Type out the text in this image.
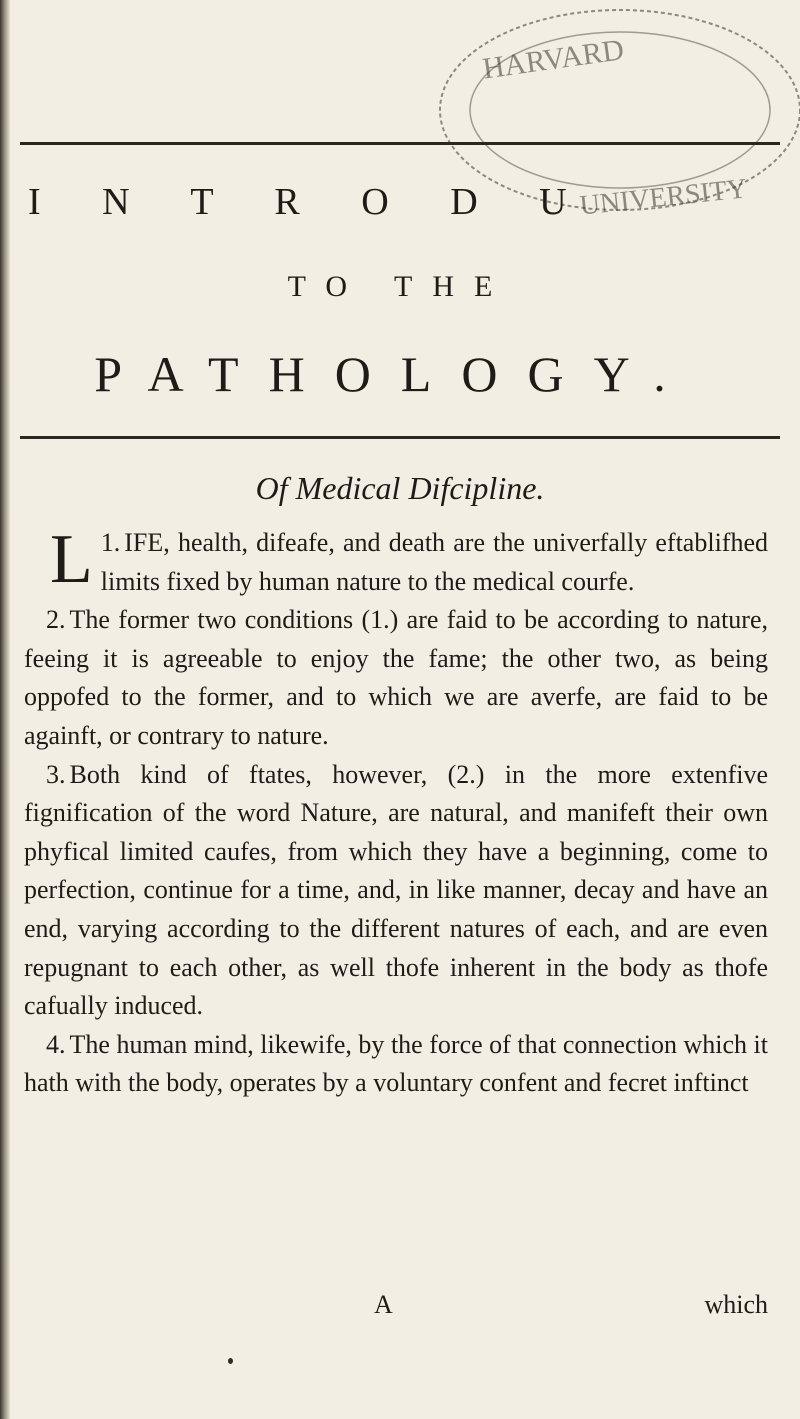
HARVARD
UNIVERSITY
I N T R O D U
TO THE
PATHOLOGY.
Of Medical Difcipline.

1.
L IFE, health, difeafe, and death are the univerfally eftablifhed limits fixed by human nature to the medical courfe.

2. The former two conditions (1.) are faid to be according to nature, feeing it is agreeable to enjoy the fame; the other two, as being oppofed to the former, and to which we are averfe, are faid to be againft, or contrary to nature.

3. Both kind of ftates, however, (2.) in the more extenfive fignification of the word Nature, are natural, and manifeft their own phyfical limited caufes, from which they have a beginning, come to perfection, continue for a time, and, in like manner, decay and have an end, varying according to the different natures of each, and are even repugnant to each other, as well thofe inherent in the body as thofe cafually induced.

4. The human mind, likewife, by the force of that connection which it hath with the body, operates by a voluntary confent and fecret inftinct

A	which
